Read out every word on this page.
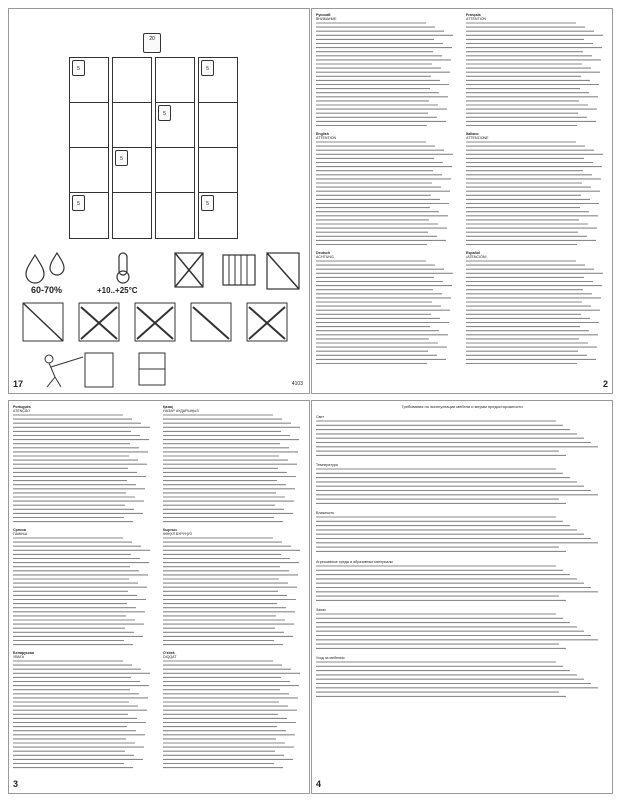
20
5	5
5
5
5	5
60-70%	+10..+25°C
17	4103

Pусский
ВНИМАНИЕ

English
ATTENTION

Deutsch
ACHTUNG

Français
ATTENTION

Italiano
ATTENZIONE

Español
¡ATENCIÓN!

2

Português
ATENÇÃO

Српски
ПАЖЊА

Беларуская
УВАГА

Қазақ
НАЗАР АУДАРЫҢЫЗ

Кыргыз
КӨҢҮЛ БУРУҢУЗ

O'zbek
DIQQAT

3
Требования по эксплуатации мебели и мерам предосторожности

Свет

Температура

Влажность

Агрессивные среды и абразивные материалы

Запах

Уход за мебелью

4
